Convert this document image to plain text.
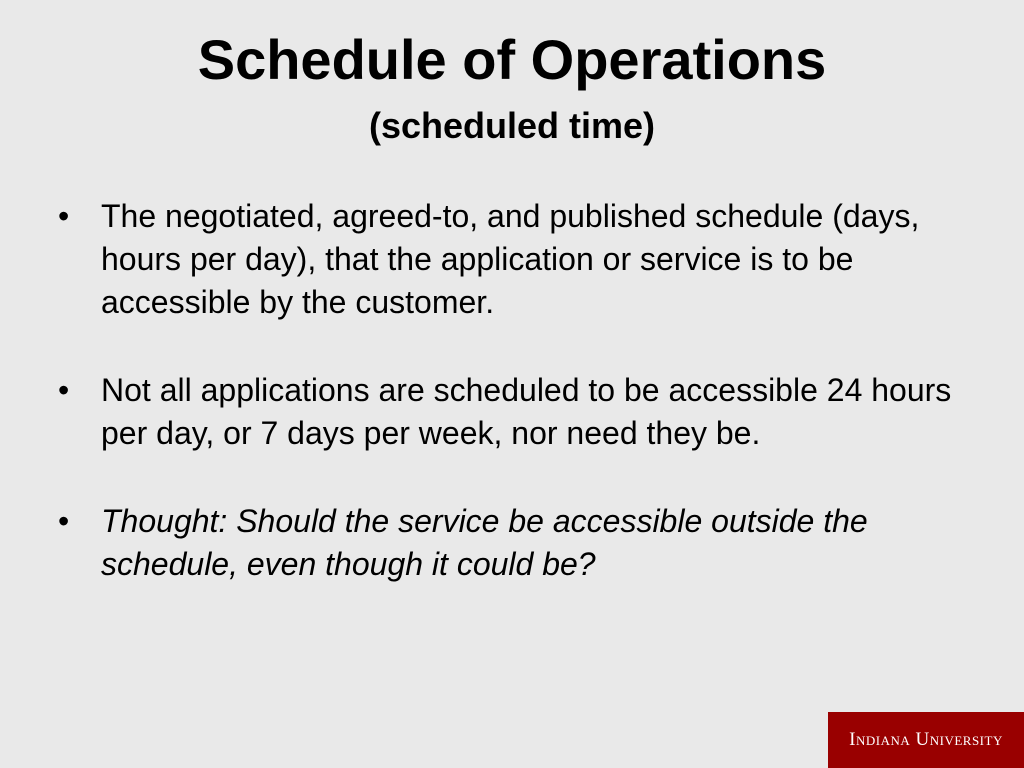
Schedule of Operations
(scheduled time)
• The negotiated, agreed-to, and published schedule (days, hours per day), that the application or service is to be accessible by the customer.
• Not all applications are scheduled to be accessible 24 hours per day, or 7 days per week, nor need they be.
• Thought: Should the service be accessible outside the schedule, even though it could be?
Indiana University
